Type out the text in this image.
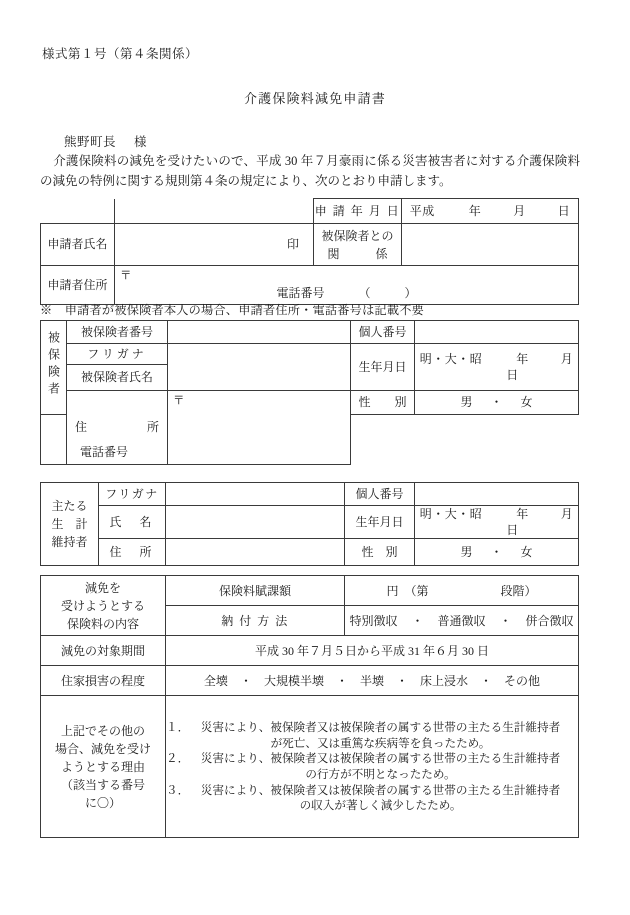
様式第１号（第４条関係）
介護保険料減免申請書
熊野町長 様
介護保険料の減免を受けたいので、平成 30 年７月豪雨に係る災害被害者に対する介護保険料の減免の特例に関する規則第４条の規定により、次のとおり申請します。
		申 請 年 月 日	平成 年 月 日
申請者氏名	印	被保険者との
関　　　係	

申請者住所	〒
電話番号 （）		
※　申請者が被保険者本人の場合、申請者住所・電話番号は記載不要
被保険者	被保険者番号		個人番号	

	フリガナ		生年月日	明・大・昭 年 月日
	被保険者氏名			
	住　　　所	〒	性　　別	男 ・ 女

電話番号				
主たる
生　計
維持者	フリガナ		個人番号	

	氏　名		生年月日	明・大・昭 年 月日
	住　所		性　別	男 ・ 女

減免を
受けようとする
保険料の内容		保険料賦課額	円　（第 段階）	
		納 付 方 法	特別徴収 ・ 普通徴収 ・ 併合徴収	
減免の対象期間		平成 30 年７月５日から平成 31 年６月 30 日		
住家損害の程度		全壊 ・ 大規模半壊 ・ 半壊 ・ 床上浸水 ・ その他		

上記でその他の
場合、減免を受け
ようとする理由
（該当する番号
に〇）

１． 災害により、被保険者又は被保険者の属する世帯の主たる生計維持者
が死亡、又は重篤な疾病等を負ったため。
２． 災害により、被保険者又は被保険者の属する世帯の主たる生計維持者
の行方が不明となったため。
３． 災害により、被保険者又は被保険者の属する世帯の主たる生計維持者
の収入が著しく減少したため。
